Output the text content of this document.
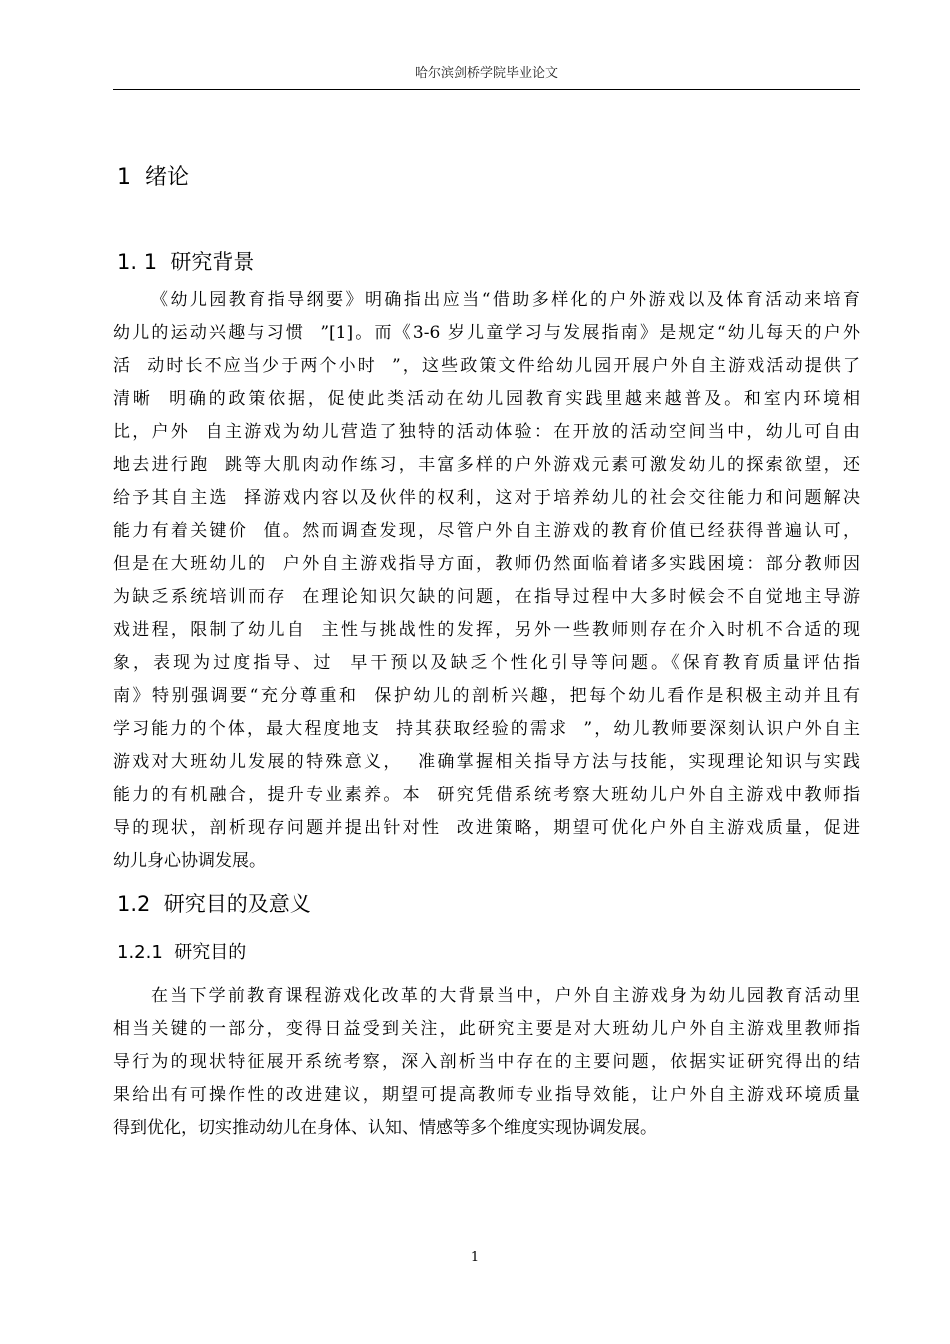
哈尔滨剑桥学院毕业论文
1  绪论
1. 1  研究背景
《幼儿园教育指导纲要》明确指出应当“借助多样化的户外游戏以及体育活动来培育
幼儿的运动兴趣与习惯  ”[1]。而《3-6 岁儿童学习与发展指南》是规定“幼儿每天的户外
活  动时长不应当少于两个小时  ”，这些政策文件给幼儿园开展户外自主游戏活动提供了
清晰  明确的政策依据，促使此类活动在幼儿园教育实践里越来越普及。和室内环境相
比，户外  自主游戏为幼儿营造了独特的活动体验：在开放的活动空间当中，幼儿可自由
地去进行跑  跳等大肌肉动作练习，丰富多样的户外游戏元素可激发幼儿的探索欲望，还
给予其自主选  择游戏内容以及伙伴的权利，这对于培养幼儿的社会交往能力和问题解决
能力有着关键价  值。然而调查发现，尽管户外自主游戏的教育价值已经获得普遍认可，
但是在大班幼儿的  户外自主游戏指导方面，教师仍然面临着诸多实践困境：部分教师因
为缺乏系统培训而存  在理论知识欠缺的问题，在指导过程中大多时候会不自觉地主导游
戏进程，限制了幼儿自  主性与挑战性的发挥，另外一些教师则存在介入时机不合适的现
象，表现为过度指导、过  早干预以及缺乏个性化引导等问题。《保育教育质量评估指
南》特别强调要“充分尊重和  保护幼儿的剖析兴趣，把每个幼儿看作是积极主动并且有
学习能力的个体，最大程度地支  持其获取经验的需求  ”，幼儿教师要深刻认识户外自主
游戏对大班幼儿发展的特殊意义，  准确掌握相关指导方法与技能，实现理论知识与实践
能力的有机融合，提升专业素养。本  研究凭借系统考察大班幼儿户外自主游戏中教师指
导的现状，剖析现存问题并提出针对性  改进策略，期望可优化户外自主游戏质量，促进
幼儿身心协调发展。
1.2  研究目的及意义
1.2.1  研究目的
在当下学前教育课程游戏化改革的大背景当中，户外自主游戏身为幼儿园教育活动里
相当关键的一部分，变得日益受到关注，此研究主要是对大班幼儿户外自主游戏里教师指
导行为的现状特征展开系统考察，深入剖析当中存在的主要问题，依据实证研究得出的结
果给出有可操作性的改进建议，期望可提高教师专业指导效能，让户外自主游戏环境质量
得到优化，切实推动幼儿在身体、认知、情感等多个维度实现协调发展。
1
